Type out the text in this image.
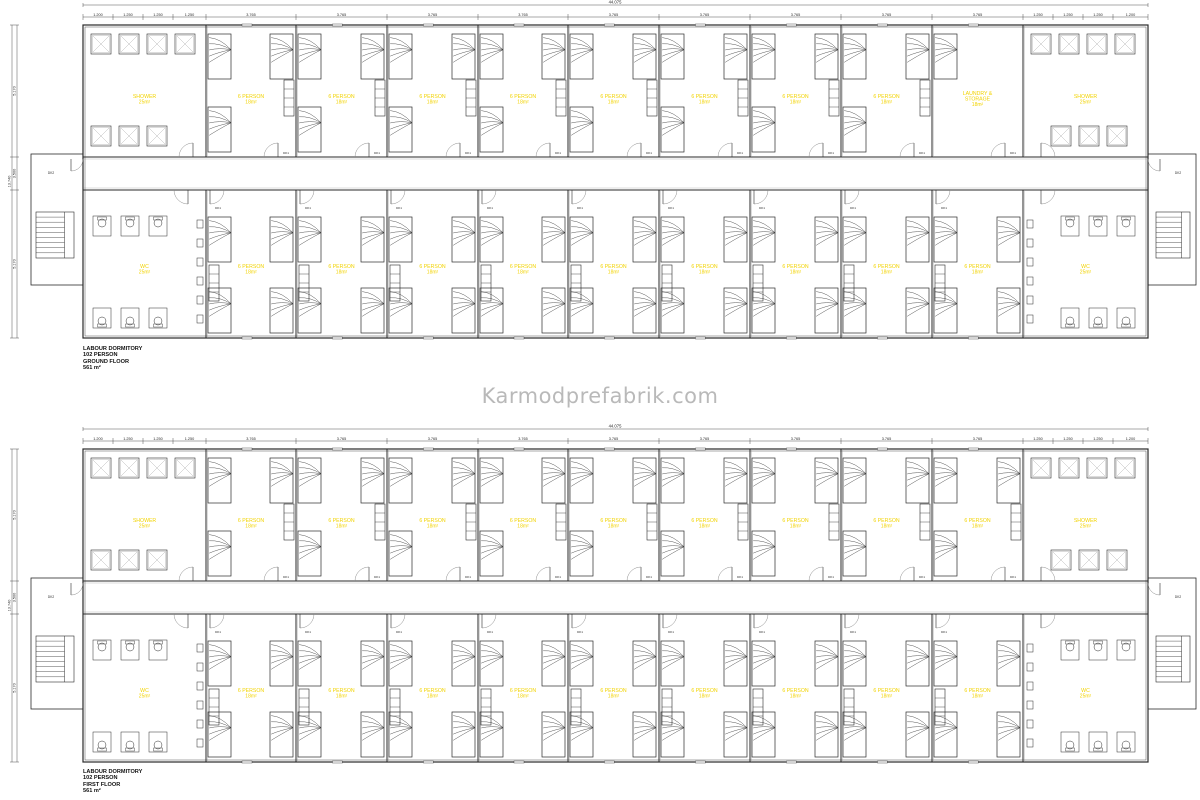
44.075
1.200	1.250	1.250	1.250	3.765	3.765	3.765	3.765	3.765	3.765	3.765	3.765	3.765	1.250	1.250	1.250	1.200
5.170
3.500
5.170
13.740
DK2	DK2
DK1
DK1
DK1
DK1
DK1
DK1
DK1
DK1
DK1
DK1
DK1
DK1
DK1
DK1
DK1
DK1
DK1
DK1
SHOWER
25m²
6 PERSON
18m²
6 PERSON
18m²
6 PERSON
18m²
6 PERSON
18m²
6 PERSON
18m²
6 PERSON
18m²
6 PERSON
18m²
6 PERSON
18m²
LAUNDRY &
STORAGE
18m²
SHOWER
25m²
WC
25m²
6 PERSON
18m²
6 PERSON
18m²
6 PERSON
18m²
6 PERSON
18m²
6 PERSON
18m²
6 PERSON
18m²
6 PERSON
18m²
6 PERSON
18m²
6 PERSON
18m²
WC
25m²
44.075
1.200	1.250	1.250	1.250	3.765	3.765	3.765	3.765	3.765	3.765	3.765	3.765	3.765	1.250	1.250	1.250	1.200
5.170
3.500
5.170
13.740
DK2	DK2
DK1
DK1
DK1
DK1
DK1
DK1
DK1
DK1
DK1
DK1
DK1
DK1
DK1
DK1
DK1
DK1
DK1
DK1
SHOWER
25m²
6 PERSON
18m²
6 PERSON
18m²
6 PERSON
18m²
6 PERSON
18m²
6 PERSON
18m²
6 PERSON
18m²
6 PERSON
18m²
6 PERSON
18m²
6 PERSON
18m²
SHOWER
25m²
WC
25m²
6 PERSON
18m²
6 PERSON
18m²
6 PERSON
18m²
6 PERSON
18m²
6 PERSON
18m²
6 PERSON
18m²
6 PERSON
18m²
6 PERSON
18m²
6 PERSON
18m²
WC
25m²
LABOUR DORMITORY
102 PERSON
GROUND FLOOR
561 m²
LABOUR DORMITORY
102 PERSON
FIRST FLOOR
561 m²
Karmodprefabrik.com
